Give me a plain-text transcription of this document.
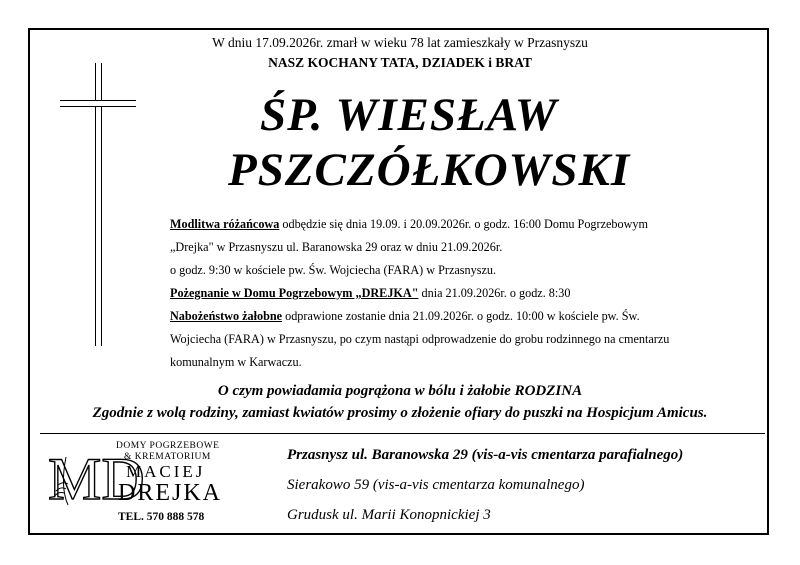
W dniu 17.09.2026r. zmarł w wieku 78 lat zamieszkały w Przasnyszu
NASZ KOCHANY TATA, DZIADEK i BRAT
ŚP. WIESŁAW
PSZCZÓŁKOWSKI
Modlitwa różańcowa odbędzie się dnia 19.09. i 20.09.2026r. o godz. 16:00 Domu Pogrzebowym
„Drejka" w Przasnyszu ul. Baranowska 29 oraz w dniu 21.09.2026r.
o godz. 9:30 w kościele pw. Św. Wojciecha (FARA) w Przasnyszu.
Pożegnanie w Domu Pogrzebowym „DREJKA" dnia 21.09.2026r. o godz. 8:30
Nabożeństwo żałobne odprawione zostanie dnia 21.09.2026r. o godz. 10:00 w kościele pw. Św.
Wojciecha (FARA) w Przasnyszu, po czym nastąpi odprowadzenie do grobu rodzinnego na cmentarzu
komunalnym w Karwaczu.
O czym powiadamia pogrążona w bólu i żałobie RODZINA
Zgodnie z wolą rodziny, zamiast kwiatów prosimy o złożenie ofiary do puszki na Hospicjum Amicus.
MD
DOMY POGRZEBOWE
& KREMATORIUM
MACIEJ
DREJKA
TEL. 570 888 578
Przasnysz ul. Baranowska 29 (vis-a-vis cmentarza parafialnego)
Sierakowo 59 (vis-a-vis cmentarza komunalnego)
Grudusk ul. Marii Konopnickiej 3
